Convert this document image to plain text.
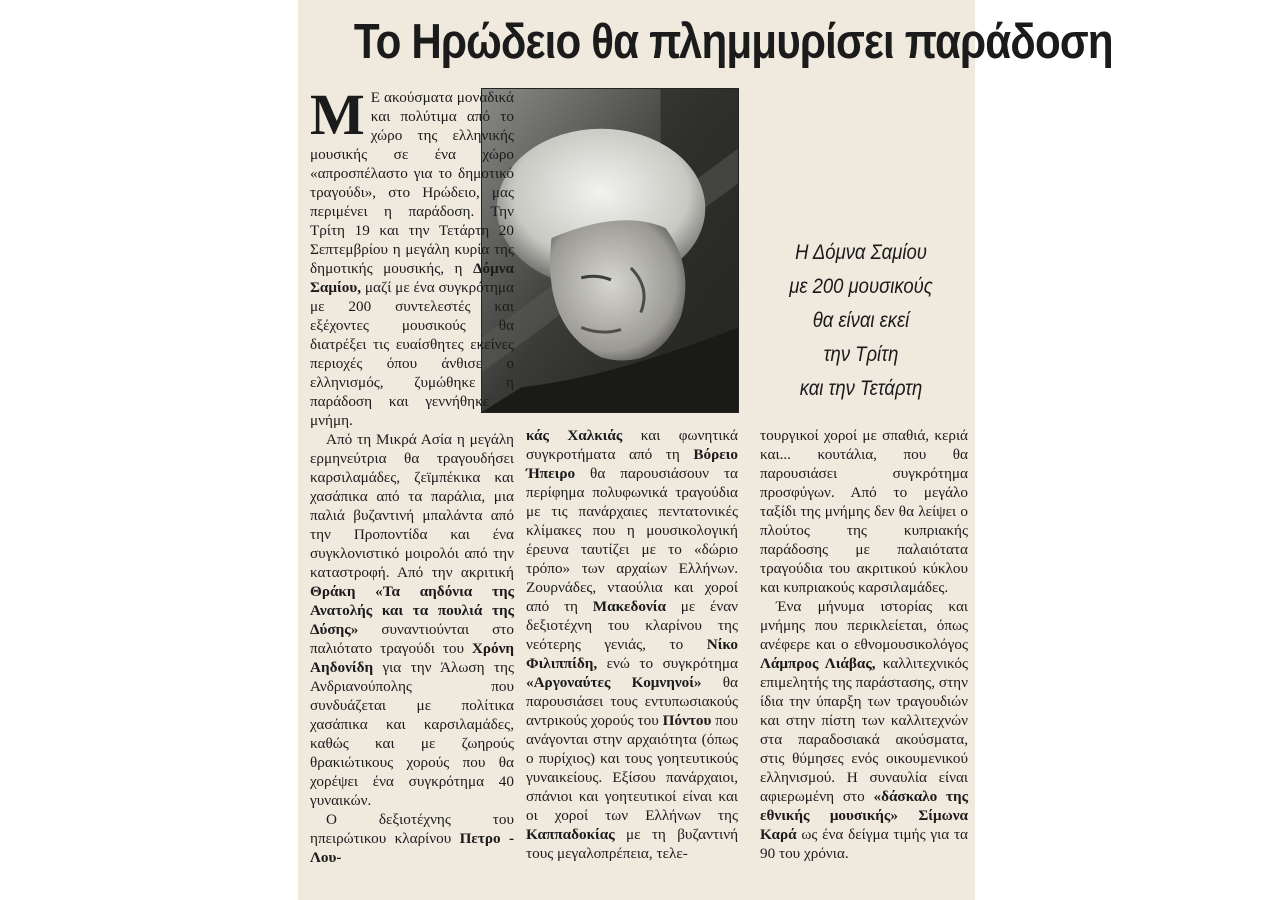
Το Ηρώδειο θα πλημμυρίσει παράδοση
Η Δόμνα Σαμίου
με 200 μουσικούς
θα είναι εκεί
την Τρίτη
και την Τετάρτη

Μ Ε ακούσματα μοναδικά και πολύτιμα από το χώρο της ελληνικής μουσικής σε ένα χώρο «απροσπέλαστο για το δημοτικό τραγούδι», στο Ηρώδειο, μας περιμένει η παράδοση. Την Τρίτη 19 και την Τετάρτη 20 Σεπτεμβρίου η μεγάλη κυρία της δημοτικής μουσικής, η Δόμνα Σαμίου, μαζί με ένα συγκρότημα με 200 συντελεστές και εξέχοντες μουσικούς θα διατρέξει τις ευαίσθητες εκείνες περιοχές όπου άνθισε ο ελληνισμός, ζυμώθηκε η παράδοση και γεννήθηκε η μνήμη.

Από τη Μικρά Ασία η μεγάλη ερμηνεύτρια θα τραγουδήσει καρσιλαμάδες, ζεϊμπέκικα και χασάπικα από τα παράλια, μια παλιά βυζαντινή μπαλάντα από την Προποντίδα και ένα συγκλονιστικό μοιρολόι από την καταστροφή. Από την ακριτική Θράκη «Τα αηδόνια της Ανατολής και τα πουλιά της Δύσης» συναντιούνται στο παλιότατο τραγούδι του Χρόνη Αηδονίδη για την Άλωση της Ανδριανούπολης που συνδυάζεται με πολίτικα χασάπικα και καρσιλαμάδες, καθώς και με ζωηρούς θρακιώτικους χορούς που θα χορέψει ένα συγκρότημα 40 γυναικών.

Ο δεξιοτέχνης του ηπειρώτικου κλαρίνου Πετρο - Λου-

κάς Χαλκιάς και φωνητικά συγκροτήματα από τη Βόρειο Ήπειρο θα παρουσιάσουν τα περίφημα πολυφωνικά τραγούδια με τις πανάρχαιες πεντατονικές κλίμακες που η μουσικολογική έρευνα ταυτίζει με το «δώριο τρόπο» των αρχαίων Ελλήνων. Ζουρνάδες, νταούλια και χοροί από τη Μακεδονία με έναν δεξιοτέχνη του κλαρίνου της νεότερης γενιάς, το Νίκο Φιλιππίδη, ενώ το συγκρότημα «Αργοναύτες Κομνηνοί» θα παρουσιάσει τους εντυπωσιακούς αντρικούς χορούς του Πόντου που ανάγονται στην αρχαιότητα (όπως ο πυρίχιος) και τους γοητευτικούς γυναικείους. Εξίσου πανάρχαιοι, σπάνιοι και γοητευτικοί είναι και οι χοροί των Ελλήνων της Καππαδοκίας με τη βυζαντινή τους μεγαλοπρέπεια, τελε-

τουργικοί χοροί με σπαθιά, κεριά και... κουτάλια, που θα παρουσιάσει συγκρότημα προσφύγων. Από το μεγάλο ταξίδι της μνήμης δεν θα λείψει ο πλούτος της κυπριακής παράδοσης με παλαιότατα τραγούδια του ακριτικού κύκλου και κυπριακούς καρσιλαμάδες.

Ένα μήνυμα ιστορίας και μνήμης που περικλείεται, όπως ανέφερε και ο εθνομουσικολόγος Λάμπρος Λιάβας, καλλιτεχνικός επιμελητής της παράστασης, στην ίδια την ύπαρξη των τραγουδιών και στην πίστη των καλλιτεχνών στα παραδοσιακά ακούσματα, στις θύμησες ενός οικουμενικού ελληνισμού. Η συναυλία είναι αφιερωμένη στο «δάσκαλο της εθνικής μουσικής» Σίμωνα Καρά ως ένα δείγμα τιμής για τα 90 του χρόνια.
